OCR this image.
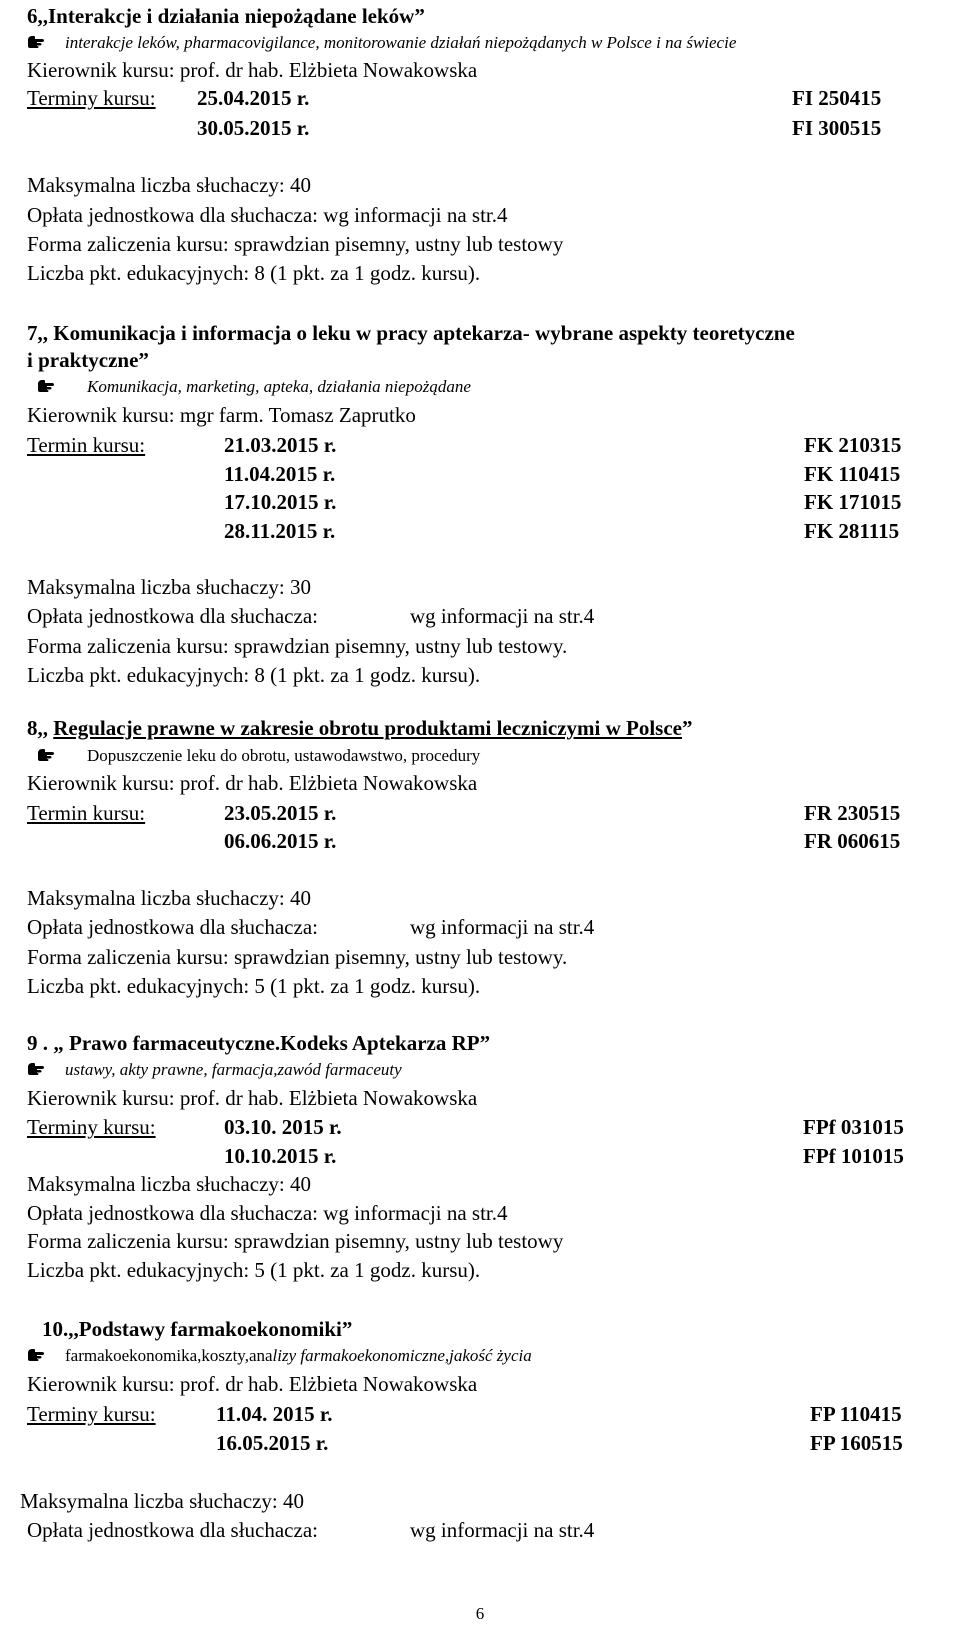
6,,Interakcje i działania niepożądane leków”
interakcje leków, pharmacovigilance, monitorowanie działań niepożądanych w Polsce i na świecie
Kierownik kursu: prof. dr hab. Elżbieta Nowakowska
Terminy kursu: 25.04.2015 r.	FI 250415
30.05.2015 r.	FI 300515
Maksymalna liczba słuchaczy: 40
Opłata jednostkowa dla słuchacza: wg informacji na str.4
Forma zaliczenia kursu: sprawdzian pisemny, ustny lub testowy
Liczba pkt. edukacyjnych: 8 (1 pkt. za 1 godz. kursu).
7,, Komunikacja i informacja o leku w pracy aptekarza- wybrane aspekty teoretyczne
i praktyczne”
Komunikacja, marketing, apteka, działania niepożądane
Kierownik kursu: mgr farm. Tomasz Zaprutko
Termin kursu:	21.03.2015 r.	FK 210315
11.04.2015 r.	FK 110415
17.10.2015 r.	FK 171015
28.11.2015 r.	FK 281115
Maksymalna liczba słuchaczy: 30
Opłata jednostkowa dla słuchacza:	wg informacji na str.4
Forma zaliczenia kursu: sprawdzian pisemny, ustny lub testowy.
Liczba pkt. edukacyjnych: 8 (1 pkt. za 1 godz. kursu).
8,, Regulacje prawne w zakresie obrotu produktami leczniczymi w Polsce”
Dopuszczenie leku do obrotu, ustawodawstwo, procedury
Kierownik kursu: prof. dr hab. Elżbieta Nowakowska
Termin kursu:	23.05.2015 r.	FR 230515
06.06.2015 r.	FR 060615
Maksymalna liczba słuchaczy: 40
Opłata jednostkowa dla słuchacza:	wg informacji na str.4
Forma zaliczenia kursu: sprawdzian pisemny, ustny lub testowy.
Liczba pkt. edukacyjnych: 5 (1 pkt. za 1 godz. kursu).
9 . „ Prawo farmaceutyczne.Kodeks Aptekarza RP”
ustawy, akty prawne, farmacja,zawód farmaceuty
Kierownik kursu: prof. dr hab. Elżbieta Nowakowska
Terminy kursu:	03.10. 2015 r.	FPf 031015
10.10.2015 r.	FPf 101015
Maksymalna liczba słuchaczy: 40
Opłata jednostkowa dla słuchacza: wg informacji na str.4
Forma zaliczenia kursu: sprawdzian pisemny, ustny lub testowy
Liczba pkt. edukacyjnych: 5 (1 pkt. za 1 godz. kursu).
10.,,Podstawy farmakoekonomiki”
farmakoekonomika,koszty,analizy farmakoekonomiczne,jakość życia
Kierownik kursu: prof. dr hab. Elżbieta Nowakowska
Terminy kursu:	11.04. 2015 r.	FP 110415
16.05.2015 r.	FP 160515
Maksymalna liczba słuchaczy: 40
Opłata jednostkowa dla słuchacza:	wg informacji na str.4
6
